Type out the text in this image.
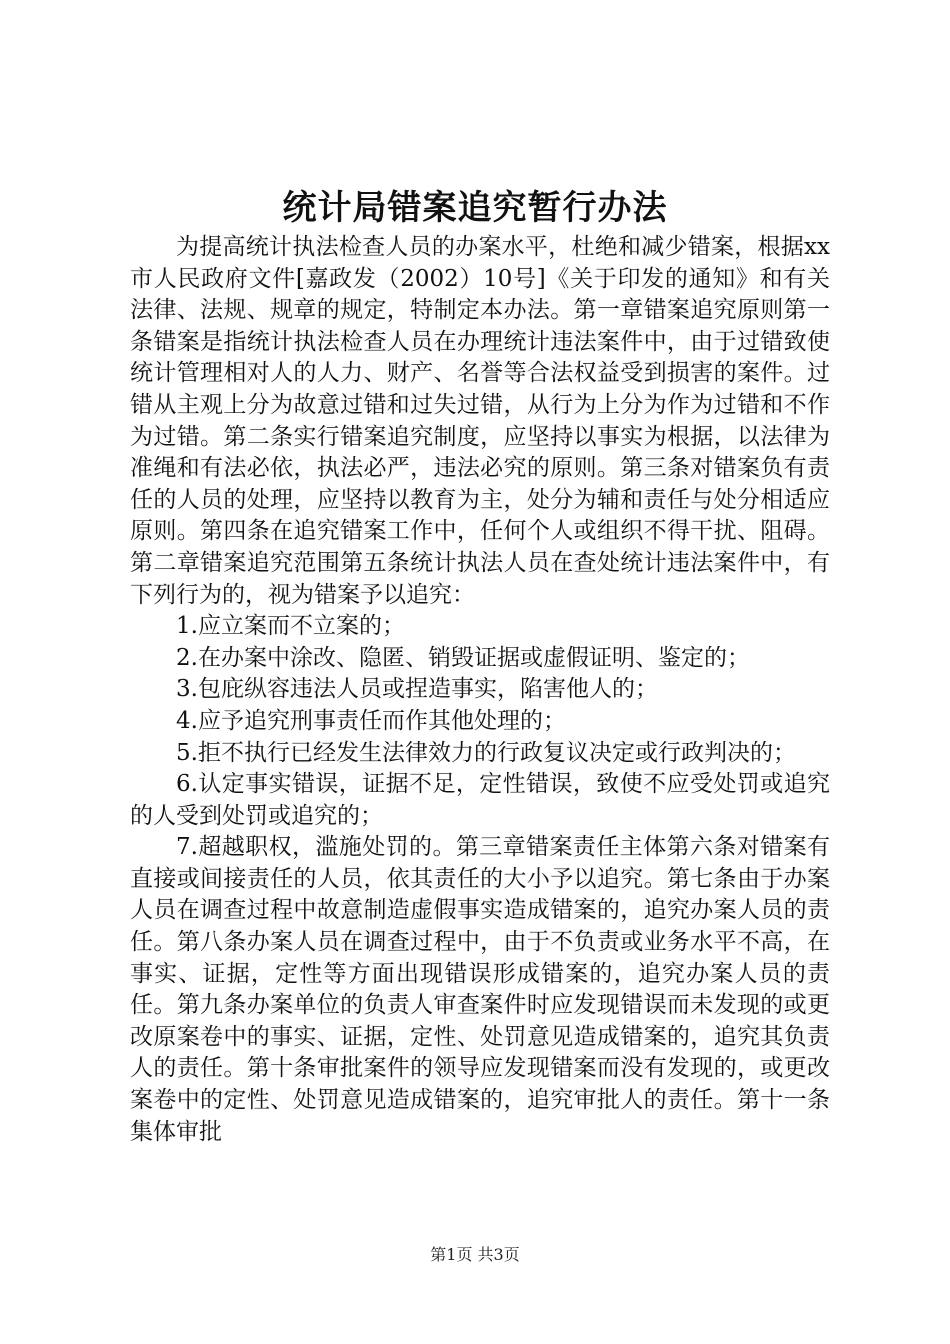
统计局错案追究暂行办法

为提高统计执法检查人员的办案水平，杜绝和减少错案，根据xx市人民政府文件[嘉政发（2002）10号]《关于印发的通知》和有关法律、法规、规章的规定，特制定本办法。第一章错案追究原则第一条错案是指统计执法检查人员在办理统计违法案件中，由于过错致使统计管理相对人的人力、财产、名誉等合法权益受到损害的案件。过错从主观上分为故意过错和过失过错，从行为上分为作为过错和不作为过错。第二条实行错案追究制度，应坚持以事实为根据，以法律为准绳和有法必依，执法必严，违法必究的原则。第三条对错案负有责任的人员的处理，应坚持以教育为主，处分为辅和责任与处分相适应原则。第四条在追究错案工作中，任何个人或组织不得干扰、阻碍。第二章错案追究范围第五条统计执法人员在查处统计违法案件中，有下列行为的，视为错案予以追究：

1.应立案而不立案的；

2.在办案中涂改、隐匿、销毁证据或虚假证明、鉴定的；

3.包庇纵容违法人员或捏造事实，陷害他人的；

4.应予追究刑事责任而作其他处理的；

5.拒不执行已经发生法律效力的行政复议决定或行政判决的；

6.认定事实错误，证据不足，定性错误，致使不应受处罚或追究的人受到处罚或追究的；

7.超越职权，滥施处罚的。第三章错案责任主体第六条对错案有直接或间接责任的人员，依其责任的大小予以追究。第七条由于办案人员在调查过程中故意制造虚假事实造成错案的，追究办案人员的责任。第八条办案人员在调查过程中，由于不负责或业务水平不高，在事实、证据，定性等方面出现错误形成错案的，追究办案人员的责任。第九条办案单位的负责人审查案件时应发现错误而未发现的或更改原案卷中的事实、证据，定性、处罚意见造成错案的，追究其负责人的责任。第十条审批案件的领导应发现错案而没有发现的，或更改案卷中的定性、处罚意见造成错案的，追究审批人的责任。第十一条集体审批

第1页 共3页
